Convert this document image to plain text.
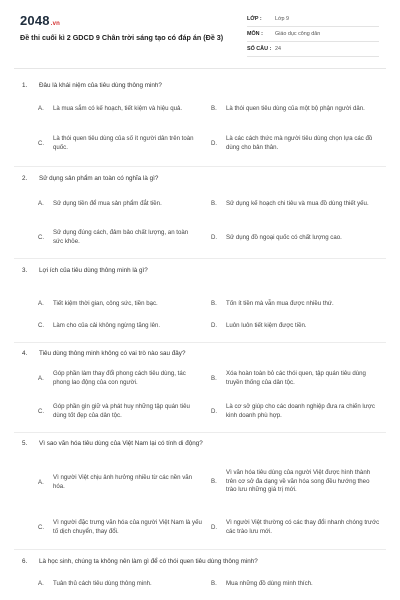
2048.vn
Đề thi cuối kì 2 GDCD 9 Chân trời sáng tạo có đáp án (Đề 3)
LỚP :	Lớp 9
MÔN :	Giáo dục công dân
SỐ CÂU : 24
1.	Đâu là khái niệm của tiêu dùng thông minh?
A.	Là mua sắm có kế hoạch, tiết kiệm và hiệu quả.	B.	Là thói quen tiêu dùng của một bộ phận người dân.
C.
Là thói quen tiêu dùng của số ít người dân trên toàn quốc.
D.
Là các cách thức mà người tiêu dùng chọn lựa các đồ dùng cho bản thân.
2.	Sử dụng sản phẩm an toàn có nghĩa là gì?
A.	Sử dụng tiền để mua sản phẩm đắt tiền.	B.	Sử dụng kế hoạch chi tiêu và mua đồ dùng thiết yếu.
C.
Sử dụng đúng cách, đảm bảo chất lượng, an toàn sức khỏe.
D.	Sử dụng đồ ngoại quốc có chất lượng cao.
3.	Lợi ích của tiêu dùng thông minh là gì?
A.	Tiết kiệm thời gian, công sức, tiền bạc.	B.	Tốn ít tiền mà vẫn mua được nhiều thứ.
C.	Làm cho của cải không ngừng tăng lên.	D.	Luôn luôn tiết kiệm được tiền.
4.	Tiêu dùng thông minh không có vai trò nào sau đây?
A.
Góp phần làm thay đổi phong cách tiêu dùng, tác phong lao động của con người.
B.
Xóa hoàn toàn bỏ các thói quen, tập quán tiêu dùng truyền thống của dân tộc.
C.
Góp phần gìn giữ và phát huy những tập quán tiêu dùng tốt đẹp của dân tộc.
D.
Là cơ sở giúp cho các doanh nghiệp đưa ra chiến lược kinh doanh phù hợp.
5.	Vì sao văn hóa tiêu dùng của Việt Nam lại có tính di động?
A.
Vì người Việt chịu ảnh hưởng nhiều từ các nền văn hóa.
B.
Vì văn hóa tiêu dùng của người Việt được hình thành trên cơ sở đa dạng về văn hóa song đều hướng theo trào lưu những giá trị mới.
C.
Vì người đặc trưng văn hóa của người Việt Nam là yếu tố dịch chuyển, thay đổi.
D.
Vì người Việt thường có các thay đổi nhanh chóng trước các trào lưu mới.
6.	Là học sinh, chúng ta không nên làm gì để có thói quen tiêu dùng thông minh?
A.	Tuân thủ cách tiêu dùng thông minh.	B.	Mua những đồ dùng mình thích.
